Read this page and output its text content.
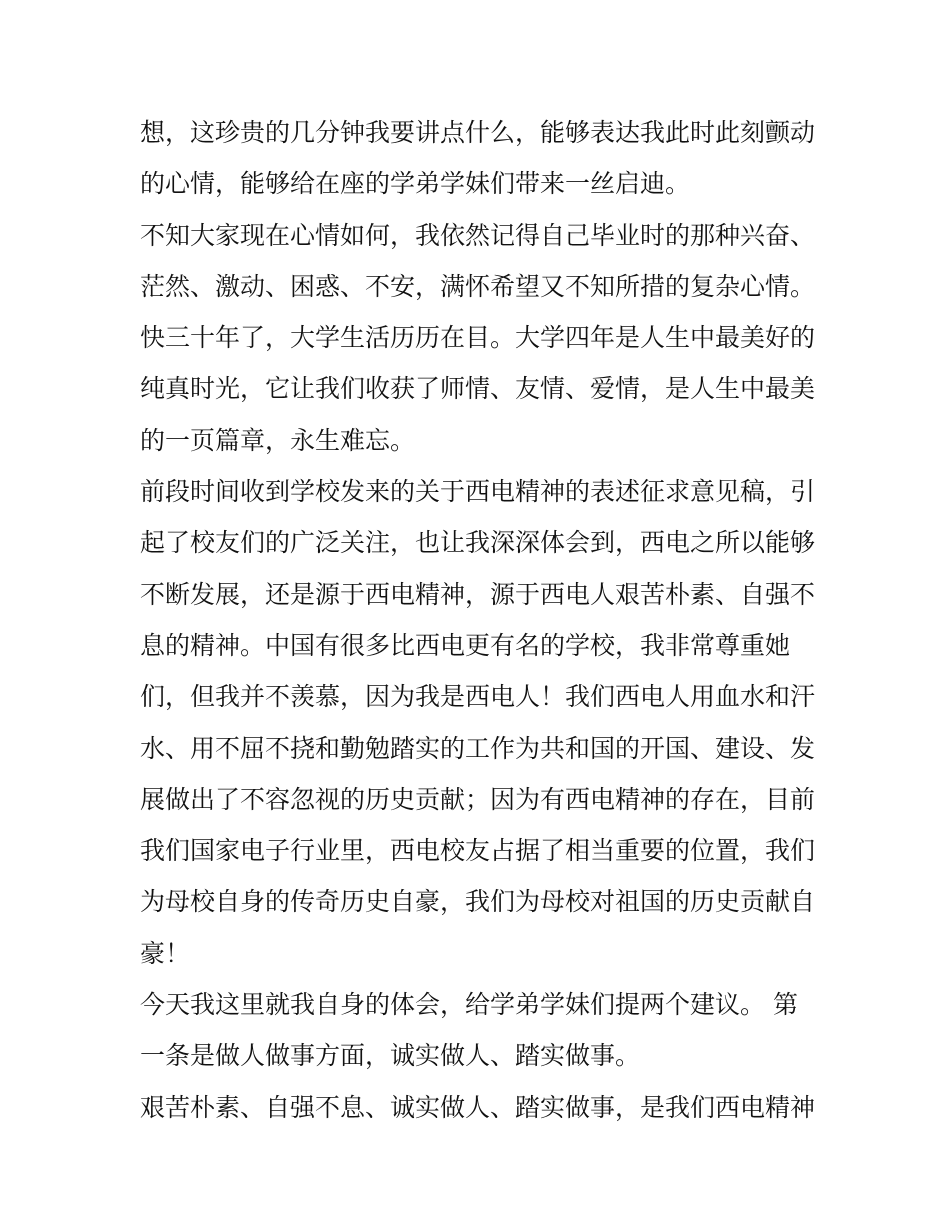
想，这珍贵的几分钟我要讲点什么，能够表达我此时此刻颤动
的心情，能够给在座的学弟学妹们带来一丝启迪。
不知大家现在心情如何，我依然记得自己毕业时的那种兴奋、
茫然、激动、困惑、不安，满怀希望又不知所措的复杂心情。
快三十年了，大学生活历历在目。大学四年是人生中最美好的
纯真时光，它让我们收获了师情、友情、爱情，是人生中最美
的一页篇章，永生难忘。
前段时间收到学校发来的关于西电精神的表述征求意见稿，引
起了校友们的广泛关注，也让我深深体会到，西电之所以能够
不断发展，还是源于西电精神，源于西电人艰苦朴素、自强不
息的精神。中国有很多比西电更有名的学校，我非常尊重她
们，但我并不羡慕，因为我是西电人！我们西电人用血水和汗
水、用不屈不挠和勤勉踏实的工作为共和国的开国、建设、发
展做出了不容忽视的历史贡献；因为有西电精神的存在，目前
我们国家电子行业里，西电校友占据了相当重要的位置，我们
为母校自身的传奇历史自豪，我们为母校对祖国的历史贡献自
豪！
今天我这里就我自身的体会，给学弟学妹们提两个建议。 第
一条是做人做事方面，诚实做人、踏实做事。
艰苦朴素、自强不息、诚实做人、踏实做事，是我们西电精神
